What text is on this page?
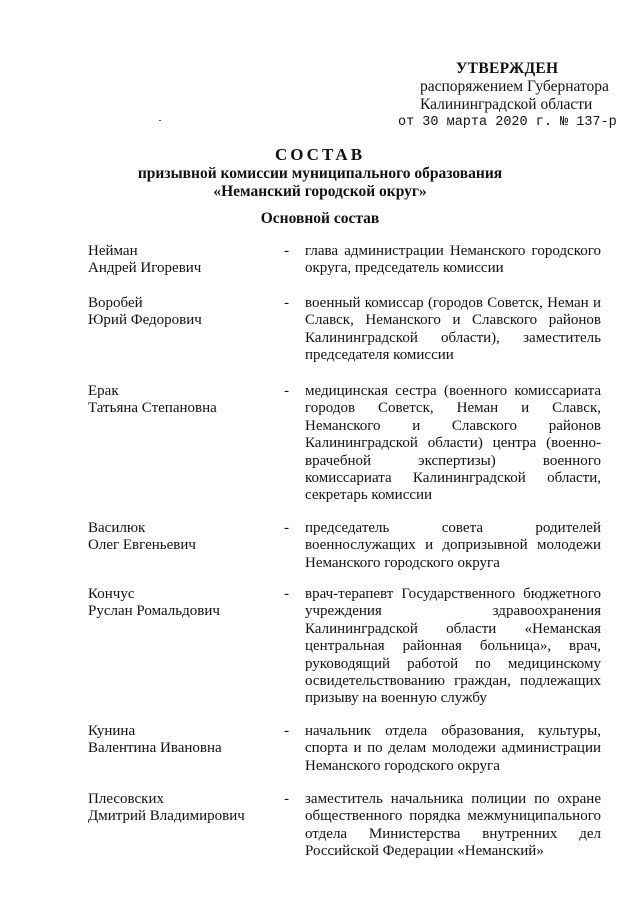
УТВЕРЖДЕН
распоряжением Губернатора
Калининградской области
от 30 марта 2020 г. № 137-р
СОСТАВ
призывной комиссии муниципального образования
«Неманский городской округ»
Основной состав
Нейман
Андрей Игоревич
- глава администрации Неманского городского округа, председатель комиссии
Воробей
Юрий Федорович
- военный комиссар (городов Советск, Неман и Славск, Неманского и Славского районов Калининградской области), заместитель председателя комиссии
Ерак
Татьяна Степановна
- медицинская сестра (военного комиссариата городов Советск, Неман и Славск, Неманского и Славского районов Калининградской области) центра (военно-врачебной экспертизы) военного комиссариата Калининградской области, секретарь комиссии
Василюк
Олег Евгеньевич
- председатель совета родителей военнослужащих и допризывной молодежи Неманского городского округа
Кончус
Руслан Ромальдович
- врач-терапевт Государственного бюджетного учреждения здравоохранения Калининградской области «Неманская центральная районная больница», врач, руководящий работой по медицинскому освидетельствованию граждан, подлежащих призыву на военную службу
Кунина
Валентина Ивановна
- начальник отдела образования, культуры, спорта и по делам молодежи администрации Неманского городского округа
Плесовских
Дмитрий Владимирович
- заместитель начальника полиции по охране общественного порядка межмуниципального отдела Министерства внутренних дел Российской Федерации «Неманский»
